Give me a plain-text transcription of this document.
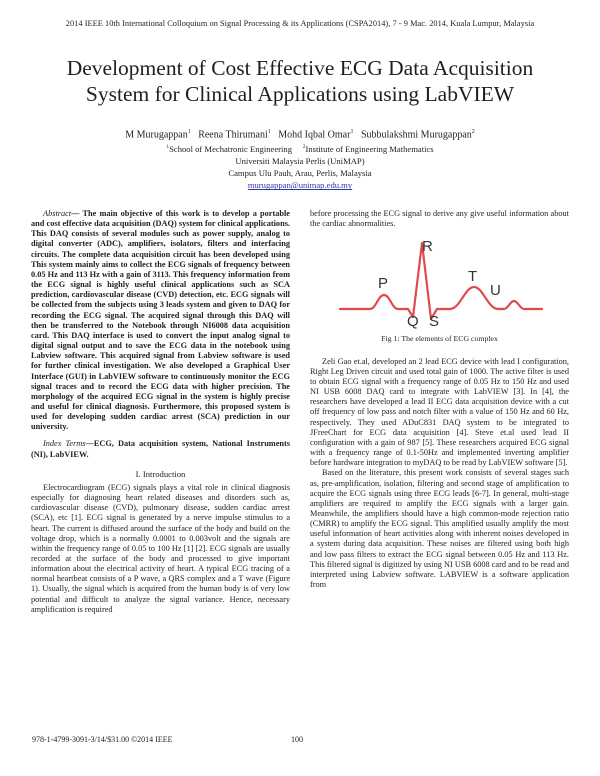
2014 IEEE 10th International Colloquium on Signal Processing & its Applications (CSPA2014), 7 - 9 Mac. 2014, Kuala Lumpur, Malaysia
Development of Cost Effective ECG Data Acquisition
System for Clinical Applications using LabVIEW
M Murugappan$^1$ Reena Thirumani$^1$ Mohd Iqbal Omar$^1$ Subbulakshmi Murugappan$^2$
$^1$School of Mechatronic Engineering $^2$Institute of Engineering Mathematics
Universiti Malaysia Perlis (UniMAP)
Campus Ulu Pauh, Arau, Perlis, Malaysia
murugappan@unimap.edu.my

Abstract— The main objective of this work is to develop a portable and cost effective data acquisition (DAQ) system for clinical applications. This DAQ consists of several modules such as power supply, analog to digital converter (ADC), amplifiers, isolators, filters and interfacing circuits. The complete data acquisition circuit has been developed using This system mainly aims to collect the ECG signals of frequency between 0.05 Hz and 113 Hz with a gain of 3113. This frequency information from the ECG signal is highly useful clinical applications such as SCA prediction, cardiovascular disease (CVD) detection, etc. ECG signals will be collected from the subjects using 3 leads system and given to DAQ for recording the ECG signal. The acquired signal through this DAQ will then be transferred to the Notebook through NI6008 data acquisition card. This DAQ interface is used to convert the input analog signal to digital signal output and to save the ECG data in the notebook using Labview software. This acquired signal from Labview software is used for further clinical investigation. We also developed a Graphical User Interface (GUI) in LabVIEW software to continuously monitor the ECG signal traces and to record the ECG data with higher precision. The morphology of the acquired ECG signal in the system is highly precise and useful for clinical diagnosis. Furthermore, this proposed system is used for developing sudden cardiac arrest (SCA) prediction in our university.

Index Terms—ECG, Data acquisition system, National Instruments (NI), LabVIEW.

I. Introduction

Electrocardiogram (ECG) signals plays a vital role in clinical diagnosis especially for diagnosing heart related diseases and disorders such as, cardiovascular disease (CVD), pulmonary disease, sudden cardiac arrest (SCA), etc [1]. ECG signal is generated by a nerve impulse stimulus to a heart. The current is diffused around the surface of the body and build on the voltage drop, which is a normally 0.0001 to 0.003volt and the signals are within the frequency range of 0.05 to 100 Hz [1] [2]. ECG signals are usually recorded at the surface of the body and processed to give important information about the electrical activity of heart. A typical ECG tracing of a normal heartbeat consists of a P wave, a QRS complex and a T wave (Figure 1). Usually, the signal which is acquired from the human body is of very low potential and difficult to analyze the signal variance. Hence, necessary amplification is required

before processing the ECG signal to derive any give useful information about the cardiac abnormalities.

R
P	T
U
Q S
Fig 1: The elements of ECG complex

Zeli Gao et.al, developed an 2 lead ECG device with lead I configuration, Right Leg Driven circuit and used total gain of 1000. The active filter is used to obtain ECG signal with a frequency range of 0.05 Hz to 150 Hz and used NI USB 6008 DAQ card to integrate with LabVIEW [3]. In [4], the researchers have developed a lead II ECG data acquisition device with a cut off frequency of low pass and notch filter with a value of 150 Hz and 60 Hz, respectively. They used ADuC831 DAQ system to be integrated to JFreeChart for ECG data acquisition [4]. Steve et.al used lead II configuration with a gain of 987 [5]. These researchers acquired ECG signal with a frequency range of 0.1-50Hz and implemented inverting amplifier before hardware integration to myDAQ to be read by LabVIEW software [5].

Based on the literature, this present work consists of several stages such as, pre-amplification, isolation, filtering and second stage of amplification to acquire the ECG signals using three ECG leads [6-7]. In general, multi-stage amplifiers are required to amplify the ECG signals with a larger gain. Meanwhile, the amplifiers should have a high common-mode rejection ratio (CMRR) to amplify the ECG signal. This amplified usually amplify the most useful information of heart activities along with inherent noises developed in a system during data acquisition. These noises are filtered using both high and low pass filters to extract the ECG signal between 0.05 Hz and 113 Hz. This filtered signal is digitized by using NI USB 6008 card and to be read and interpreted using Labview software. LABVIEW is a software application from

978-1-4799-3091-3/14/$31.00 ©2014 IEEE	100
